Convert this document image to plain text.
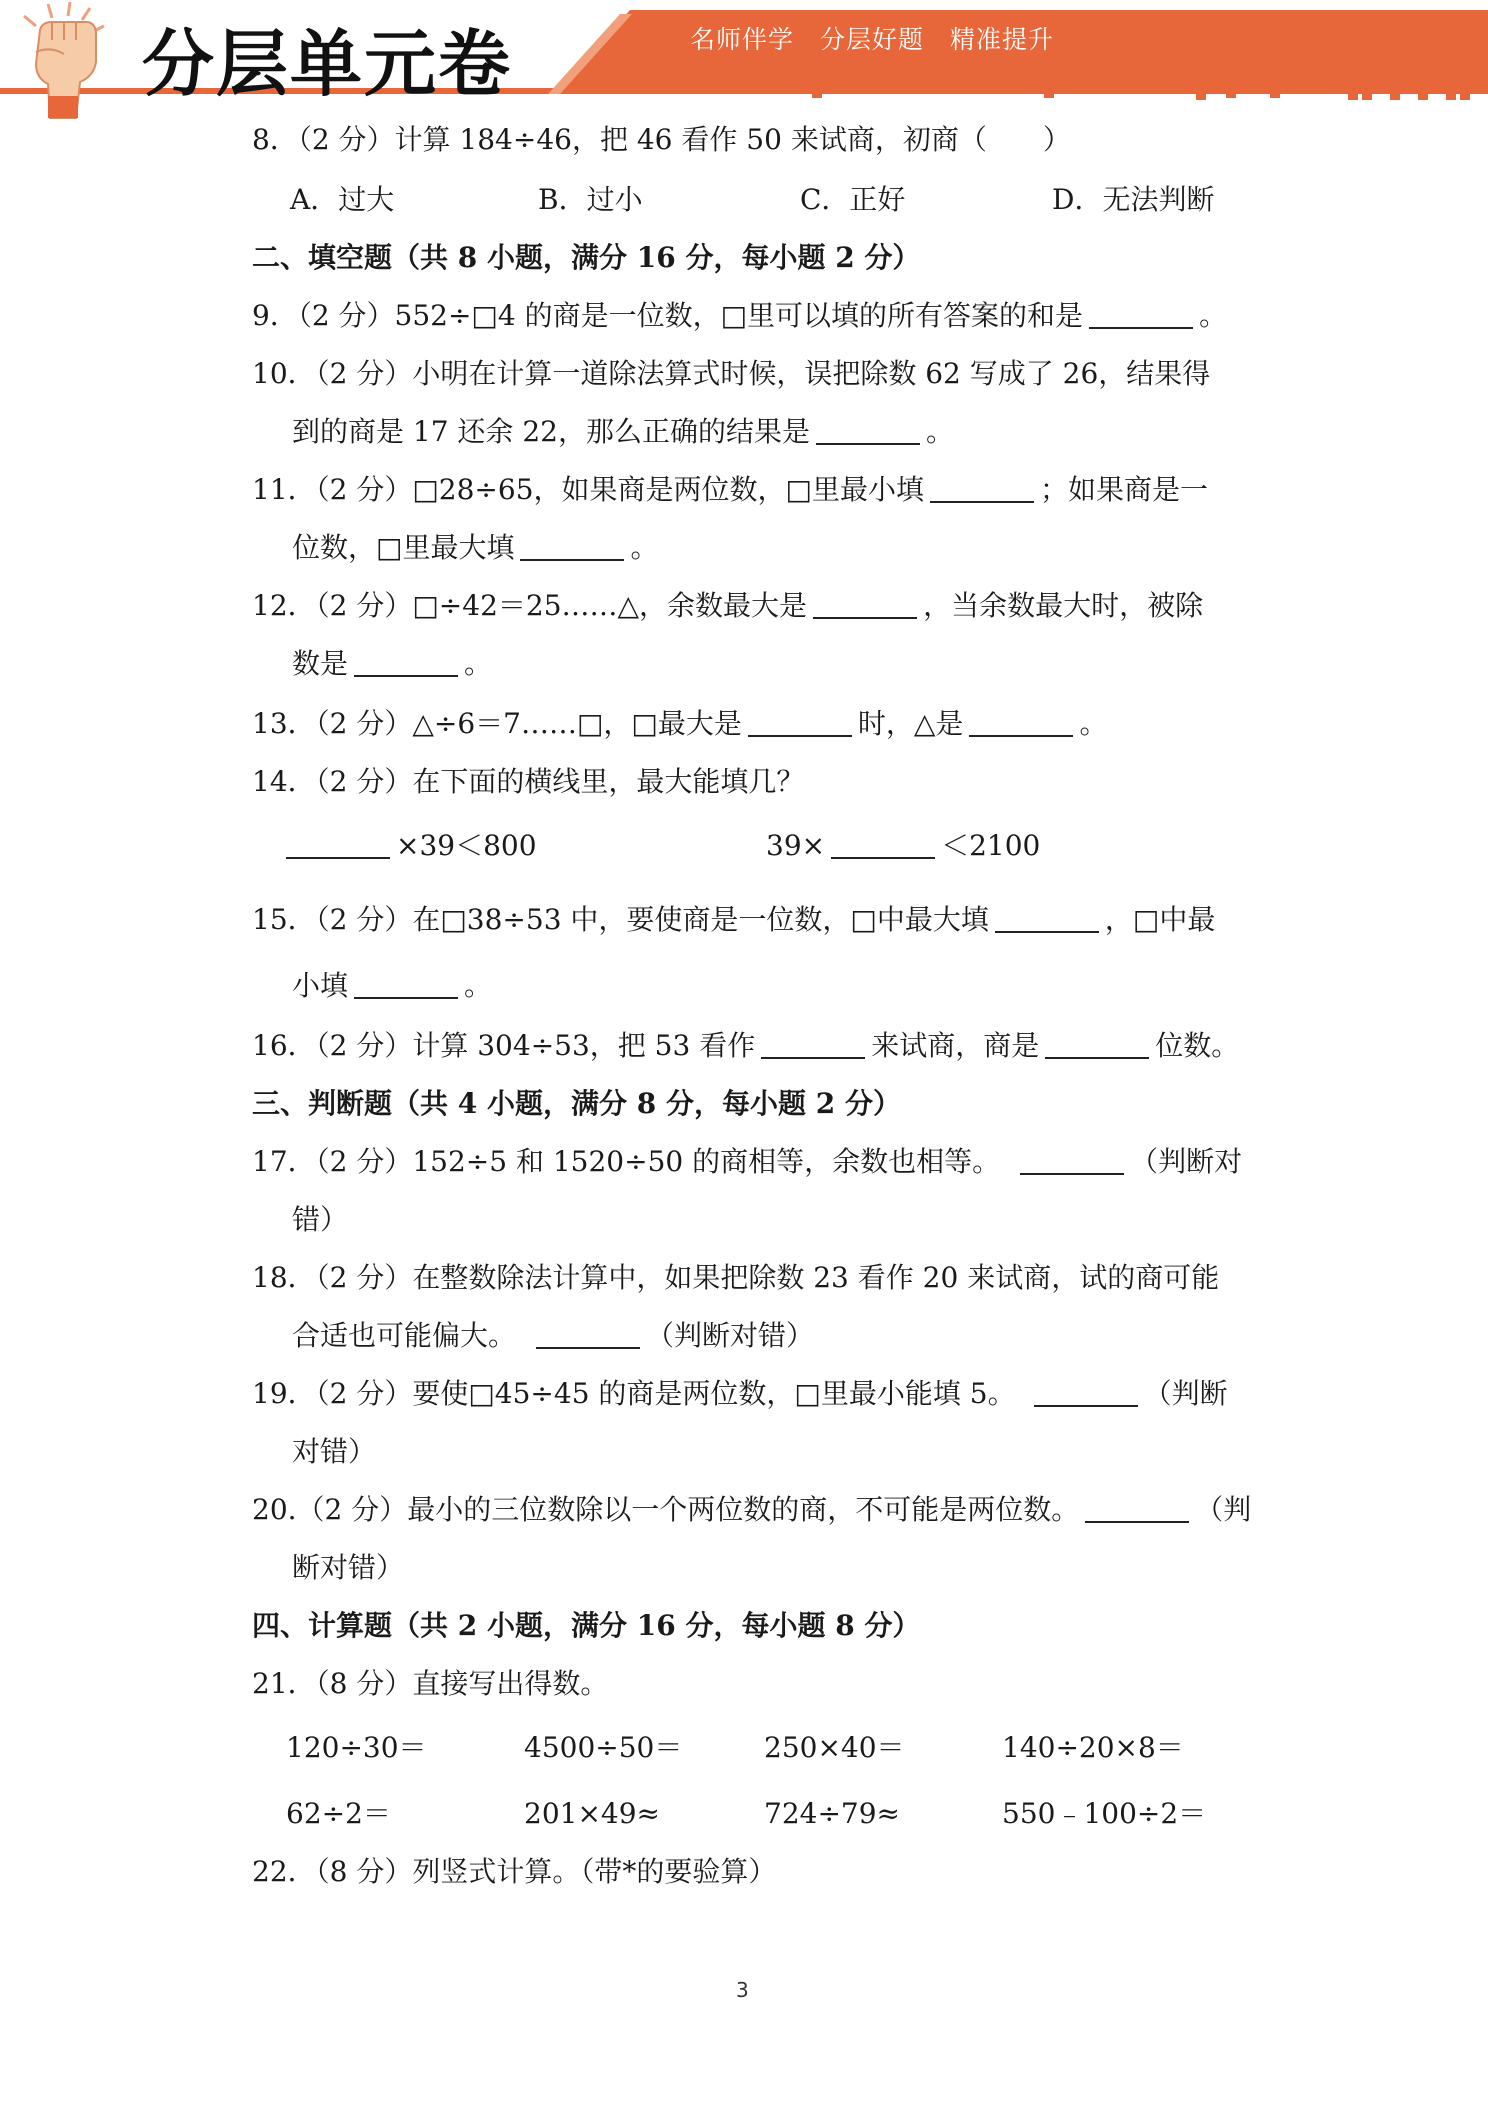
分层单元卷	名师伴学　分层好题　精准提升
8．（2 分）计算 184÷46，把 46 看作 50 来试商，初商（　　）
A．过大	B．过小	C．正好	D．无法判断
二、填空题（共 8 小题，满分 16 分，每小题 2 分）
9．（2 分）552÷□4 的商是一位数，□里可以填的所有答案的和是	。
10．（2 分）小明在计算一道除法算式时候，误把除数 62 写成了 26，结果得
到的商是 17 还余 22，那么正确的结果是	。
11．（2 分）□28÷65，如果商是两位数，□里最小填	；如果商是一
位数，□里最大填	。
12．（2 分）□÷42＝25……△，余数最大是	，当余数最大时，被除
数是	。
13．（2 分）△÷6＝7……□，□最大是	时，△是	。
14．（2 分）在下面的横线里，最大能填几？
×39＜800	39×	＜2100
15．（2 分）在□38÷53 中，要使商是一位数，□中最大填	，□中最
小填	。
16．（2 分）计算 304÷53，把 53 看作	来试商，商是	位数。
三、判断题（共 4 小题，满分 8 分，每小题 2 分）
17．（2 分）152÷5 和 1520÷50 的商相等，余数也相等。	（判断对
错）
18．（2 分）在整数除法计算中，如果把除数 23 看作 20 来试商，试的商可能
合适也可能偏大。	（判断对错）
19．（2 分）要使□45÷45 的商是两位数，□里最小能填 5。	（判断
对错）
20.（2 分）最小的三位数除以一个两位数的商，不可能是两位数。	（判
断对错）
四、计算题（共 2 小题，满分 16 分，每小题 8 分）
21．（8 分）直接写出得数。
120÷30＝	4500÷50＝	250×40＝	140÷20×8＝
62÷2＝	201×49≈	724÷79≈	550﹣100÷2＝
22．（8 分）列竖式计算。（带*的要验算）
3
